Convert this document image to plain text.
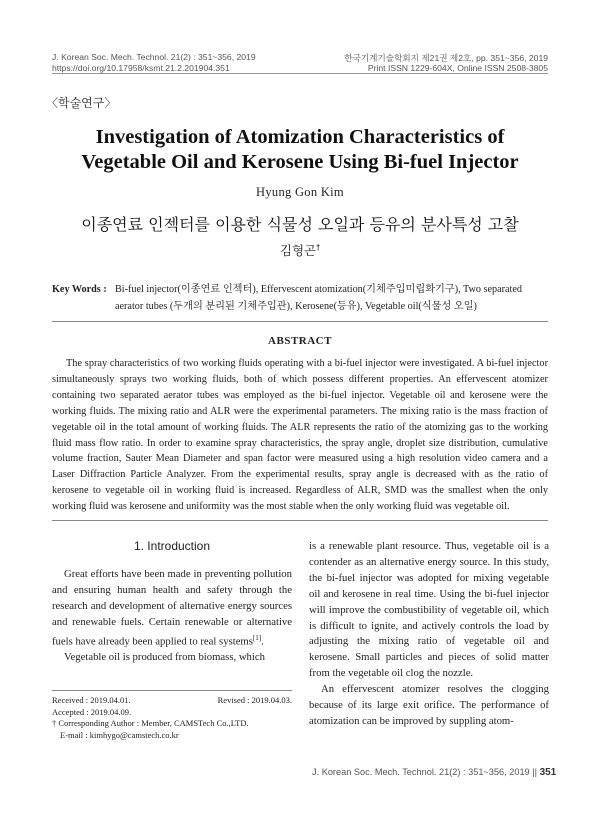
J. Korean Soc. Mech. Technol. 21(2) : 351~356, 2019
https://doi.org/10.17958/ksmt.21.2.201904.351
한국기계기술학회지 제21권 제2호, pp. 351~356, 2019
Print ISSN 1229-604X, Online ISSN 2508-3805
〈학술연구〉
Investigation of Atomization Characteristics of
Vegetable Oil and Kerosene Using Bi-fuel Injector
Hyung Gon Kim
이종연료 인젝터를 이용한 식물성 오일과 등유의 분사특성 고찰
김형곤†
Key Words : Bi-fuel injector(이종연료 인젝터), Effervescent atomization(기체주입미립화기구), Two separated aerator tubes (두개의 분리된 기체주입관), Kerosene(등유), Vegetable oil(식물성 오일)
ABSTRACT

The spray characteristics of two working fluids operating with a bi-fuel injector were investigated. A bi-fuel injector simultaneously sprays two working fluids, both of which possess different properties. An effervescent atomizer containing two separated aerator tubes was employed as the bi-fuel injector. Vegetable oil and kerosene were the working fluids. The mixing ratio and ALR were the experimental parameters. The mixing ratio is the mass fraction of vegetable oil in the total amount of working fluids. The ALR represents the ratio of the atomizing gas to the working fluid mass flow ratio. In order to examine spray characteristics, the spray angle, droplet size distribution, cumulative volume fraction, Sauter Mean Diameter and span factor were measured using a high resolution video camera and a Laser Diffraction Particle Analyzer. From the experimental results, spray angle is decreased with as the ratio of kerosene to vegetable oil in working fluid is increased. Regardless of ALR, SMD was the smallest when the only working fluid was kerosene and uniformity was the most stable when the only working fluid was vegetable oil.

1. Introduction

Great efforts have been made in preventing pollution and ensuring human health and safety through the research and development of alternative energy sources and renewable fuels. Certain renewable or alternative fuels have already been applied to real systems[1].

Vegetable oil is produced from biomass, which

Received : 2019.04.01.	Revised : 2019.04.03.
Accepted : 2019.04.09.
† Corresponding Author : Member, CAMSTech Co.,LTD.
E-mail : kimhygo@camstech.co.kr

is a renewable plant resource. Thus, vegetable oil is a contender as an alternative energy source. In this study, the bi-fuel injector was adopted for mixing vegetable oil and kerosene in real time. Using the bi-fuel injector will improve the combustibility of vegetable oil, which is difficult to ignite, and actively controls the load by adjusting the mixing ratio of vegetable oil and kerosene. Small particles and pieces of solid matter from the vegetable oil clog the nozzle.

An effervescent atomizer resolves the clogging because of its large exit orifice. The performance of atomization can be improved by suppling atom-

J. Korean Soc. Mech. Technol. 21(2) : 351~356, 2019 || 351
